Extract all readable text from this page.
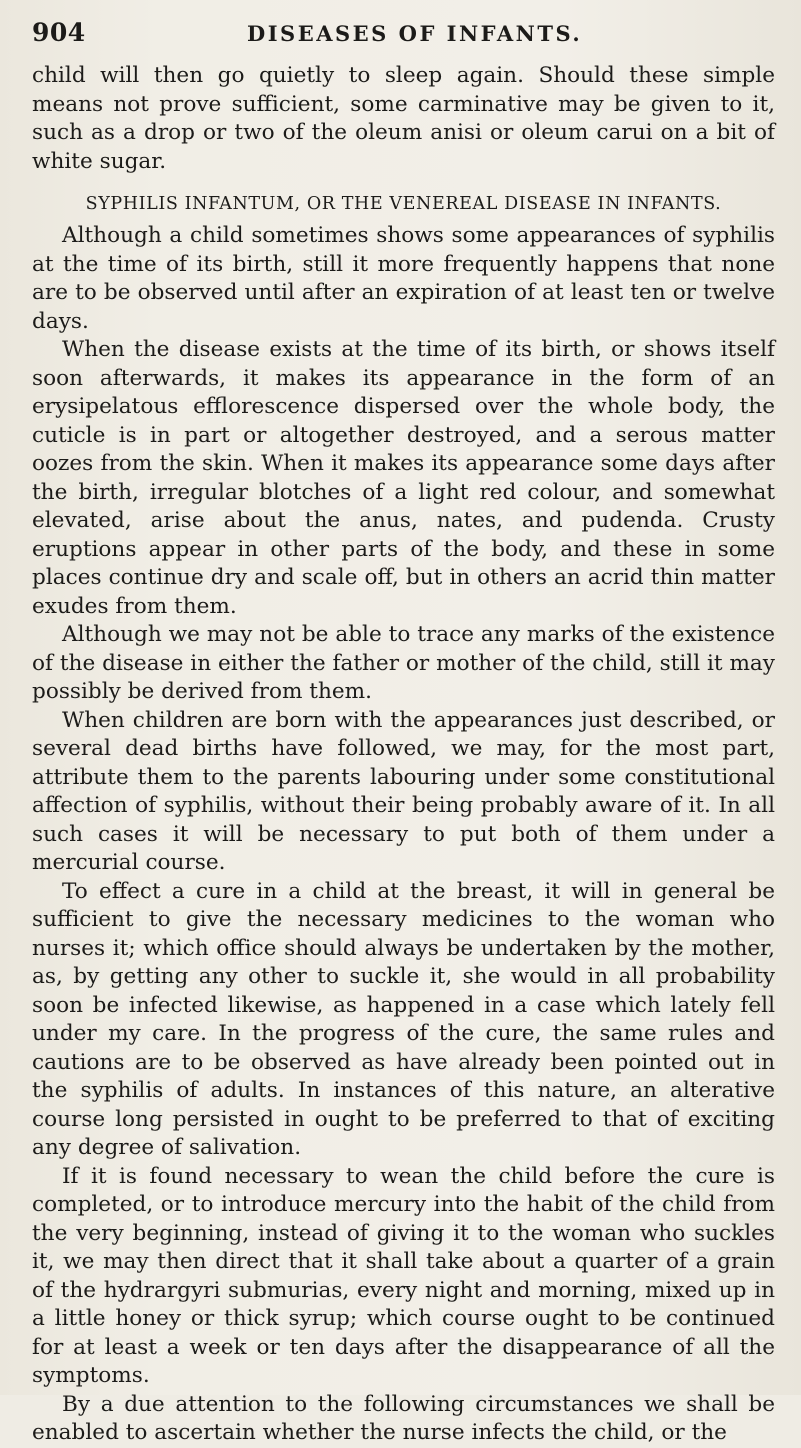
904	DISEASES OF INFANTS.

child will then go quietly to sleep again. Should these simple means not prove sufficient, some carminative may be given to it, such as a drop or two of the oleum anisi or oleum carui on a bit of white sugar.

SYPHILIS INFANTUM, OR THE VENEREAL DISEASE IN INFANTS.

Although a child sometimes shows some appearances of syphilis at the time of its birth, still it more frequently happens that none are to be observed until after an expiration of at least ten or twelve days.

When the disease exists at the time of its birth, or shows itself soon afterwards, it makes its appearance in the form of an erysipelatous efflorescence dispersed over the whole body, the cuticle is in part or altogether destroyed, and a serous matter oozes from the skin. When it makes its appearance some days after the birth, irregular blotches of a light red colour, and somewhat elevated, arise about the anus, nates, and pudenda. Crusty eruptions appear in other parts of the body, and these in some places continue dry and scale off, but in others an acrid thin matter exudes from them.

Although we may not be able to trace any marks of the existence of the disease in either the father or mother of the child, still it may possibly be derived from them.

When children are born with the appearances just described, or several dead births have followed, we may, for the most part, attribute them to the parents labouring under some constitutional affection of syphilis, without their being probably aware of it. In all such cases it will be necessary to put both of them under a mercurial course.

To effect a cure in a child at the breast, it will in general be sufficient to give the necessary medicines to the woman who nurses it; which office should always be undertaken by the mother, as, by getting any other to suckle it, she would in all probability soon be infected likewise, as happened in a case which lately fell under my care. In the progress of the cure, the same rules and cautions are to be observed as have already been pointed out in the syphilis of adults. In instances of this nature, an alterative course long persisted in ought to be preferred to that of exciting any degree of salivation.

If it is found necessary to wean the child before the cure is completed, or to introduce mercury into the habit of the child from the very beginning, instead of giving it to the woman who suckles it, we may then direct that it shall take about a quarter of a grain of the hydrargyri submurias, every night and morning, mixed up in a little honey or thick syrup; which course ought to be continued for at least a week or ten days after the disappearance of all the symptoms.

By a due attention to the following circumstances we shall be enabled to ascertain whether the nurse infects the child, or the
